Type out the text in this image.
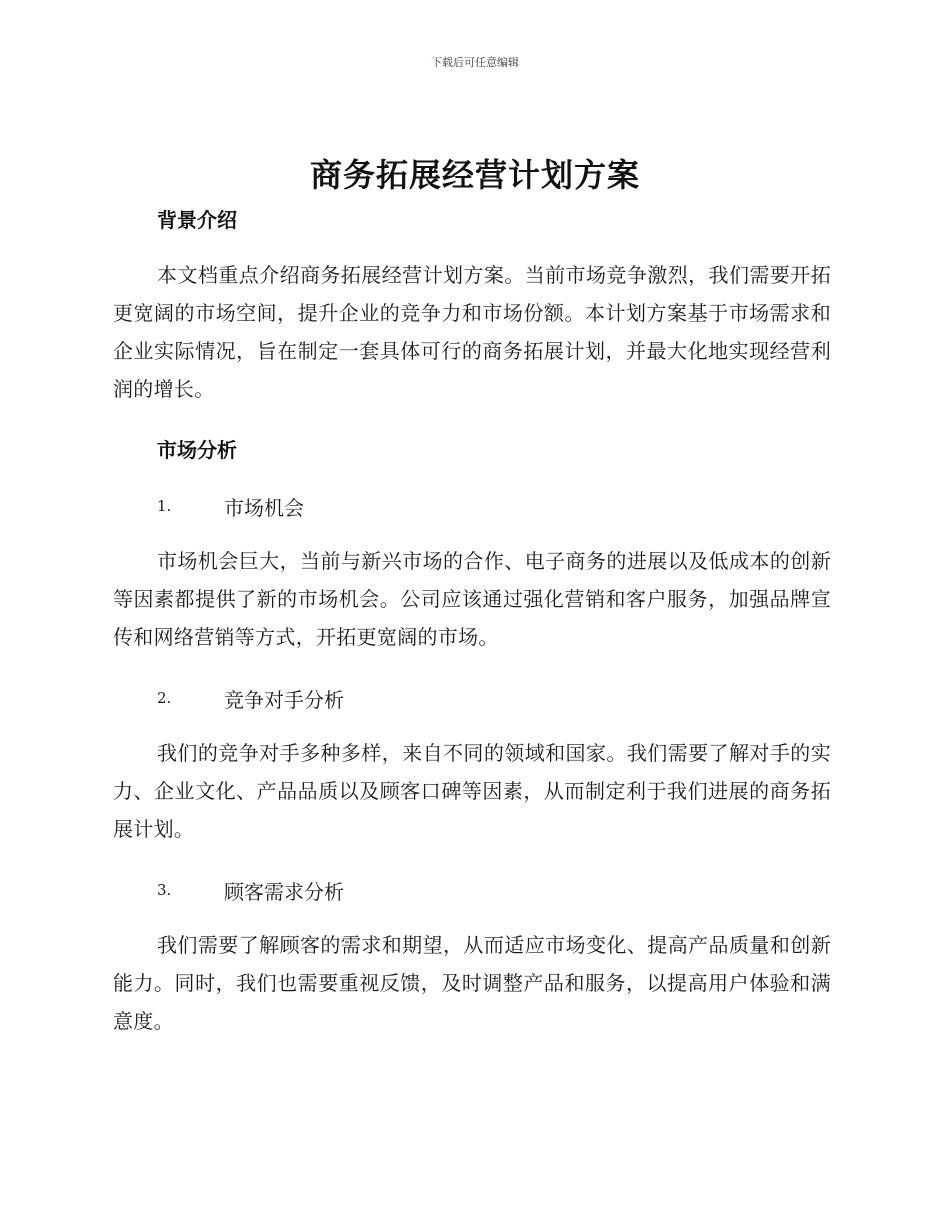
下载后可任意编辑
商务拓展经营计划方案
背景介绍

本文档重点介绍商务拓展经营计划方案。当前市场竞争激烈，我们需要开拓更宽阔的市场空间，提升企业的竞争力和市场份额。本计划方案基于市场需求和企业实际情况，旨在制定一套具体可行的商务拓展计划，并最大化地实现经营利润的增长。

市场分析
1.	市场机会

市场机会巨大，当前与新兴市场的合作、电子商务的进展以及低成本的创新等因素都提供了新的市场机会。公司应该通过强化营销和客户服务，加强品牌宣传和网络营销等方式，开拓更宽阔的市场。

2.	竞争对手分析

我们的竞争对手多种多样，来自不同的领域和国家。我们需要了解对手的实力、企业文化、产品品质以及顾客口碑等因素，从而制定利于我们进展的商务拓展计划。

3.	顾客需求分析

我们需要了解顾客的需求和期望，从而适应市场变化、提高产品质量和创新能力。同时，我们也需要重视反馈，及时调整产品和服务，以提高用户体验和满意度。
